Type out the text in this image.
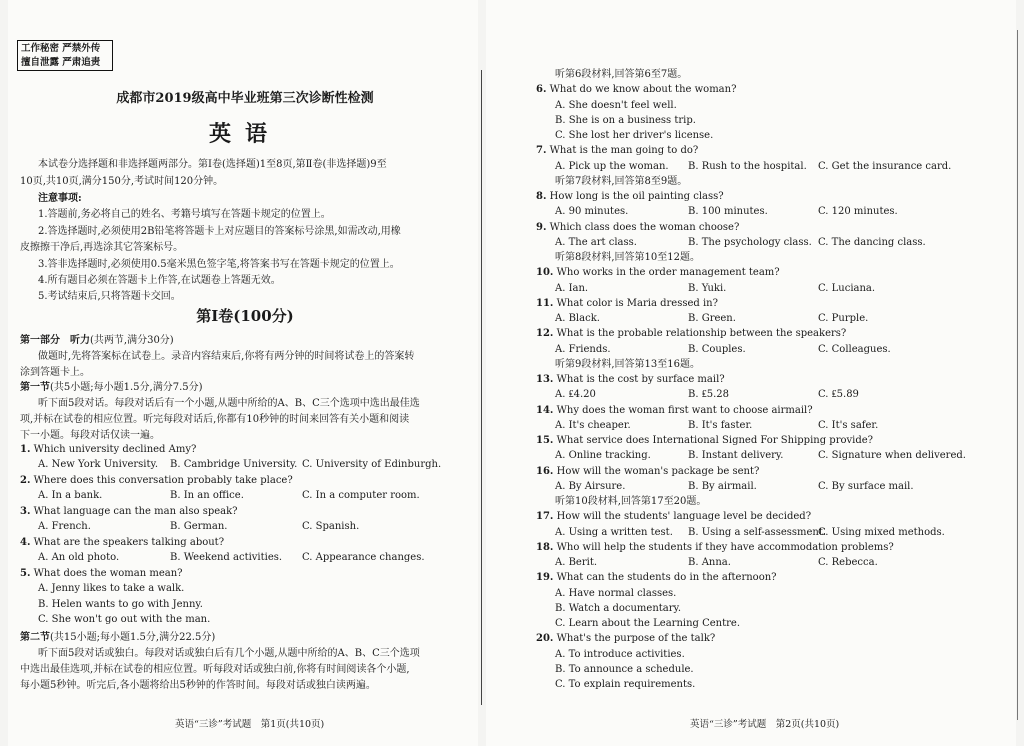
工作秘密 严禁外传
擅自泄露 严肃追责
成都市2019级高中毕业班第三次诊断性检测
英语
本试卷分选择题和非选择题两部分。第Ⅰ卷(选择题)1至8页,第Ⅱ卷(非选择题)9至
10页,共10页,满分150分,考试时间120分钟。
注意事项:
1.答题前,务必将自己的姓名、考籍号填写在答题卡规定的位置上。
2.答选择题时,必须使用2B铅笔将答题卡上对应题目的答案标号涂黑,如需改动,用橡
皮擦擦干净后,再选涂其它答案标号。
3.答非选择题时,必须使用0.5毫米黑色签字笔,将答案书写在答题卡规定的位置上。
4.所有题目必须在答题卡上作答,在试题卷上答题无效。
5.考试结束后,只将答题卡交回。
第Ⅰ卷(100分)
第一部分　听力(共两节,满分30分)
做题时,先将答案标在试卷上。录音内容结束后,你将有两分钟的时间将试卷上的答案转
涂到答题卡上。
第一节(共5小题;每小题1.5分,满分7.5分)
听下面5段对话。每段对话后有一个小题,从题中所给的A、B、C三个选项中选出最佳选
项,并标在试卷的相应位置。听完每段对话后,你都有10秒钟的时间来回答有关小题和阅读
下一小题。每段对话仅读一遍。
1. Which university declined Amy?
A. New York University. B. Cambridge University. C. University of Edinburgh.
2. Where does this conversation probably take place?
A. In a bank.	B. In an office.	C. In a computer room.
3. What language can the man also speak?
A. French.	B. German.	C. Spanish.
4. What are the speakers talking about?
A. An old photo.	B. Weekend activities. C. Appearance changes.
5. What does the woman mean?
A. Jenny likes to take a walk.
B. Helen wants to go with Jenny.
C. She won't go out with the man.
第二节(共15小题;每小题1.5分,满分22.5分)
听下面5段对话或独白。每段对话或独白后有几个小题,从题中所给的A、B、C三个选项
中选出最佳选项,并标在试卷的相应位置。听每段对话或独白前,你将有时间阅读各个小题,
每小题5秒钟。听完后,各小题将给出5秒钟的作答时间。每段对话或独白读两遍。
英语“三诊”考试题　第1页(共10页)
听第6段材料,回答第6至7题。
6. What do we know about the woman?
A. She doesn't feel well.
B. She is on a business trip.
C. She lost her driver's license.
7. What is the man going to do?
A. Pick up the woman. B. Rush to the hospital. C. Get the insurance card.
听第7段材料,回答第8至9题。
8. How long is the oil painting class?
A. 90 minutes.	B. 100 minutes.	C. 120 minutes.
9. Which class does the woman choose?
A. The art class.	B. The psychology class. C. The dancing class.
听第8段材料,回答第10至12题。
10. Who works in the order management team?
A. Ian.	B. Yuki.	C. Luciana.
11. What color is Maria dressed in?
A. Black.	B. Green.	C. Purple.
12. What is the probable relationship between the speakers?
A. Friends.	B. Couples.	C. Colleagues.
听第9段材料,回答第13至16题。
13. What is the cost by surface mail?
A. ₤4.20	B. ₤5.28	C. ₤5.89
14. Why does the woman first want to choose airmail?
A. It's cheaper.	B. It's faster.	C. It's safer.
15. What service does International Signed For Shipping provide?
A. Online tracking.	B. Instant delivery.	C. Signature when delivered.
16. How will the woman's package be sent?
A. By Airsure.	B. By airmail.	C. By surface mail.
听第10段材料,回答第17至20题。
17. How will the students' language level be decided?
A. Using a written test. B. Using a self-assessment.
C. Using mixed methods.
18. Who will help the students if they have accommodation problems?
A. Berit.	B. Anna.	C. Rebecca.
19. What can the students do in the afternoon?
A. Have normal classes.
B. Watch a documentary.
C. Learn about the Learning Centre.
20. What's the purpose of the talk?
A. To introduce activities.
B. To announce a schedule.
C. To explain requirements.
英语“三诊”考试题　第2页(共10页)
